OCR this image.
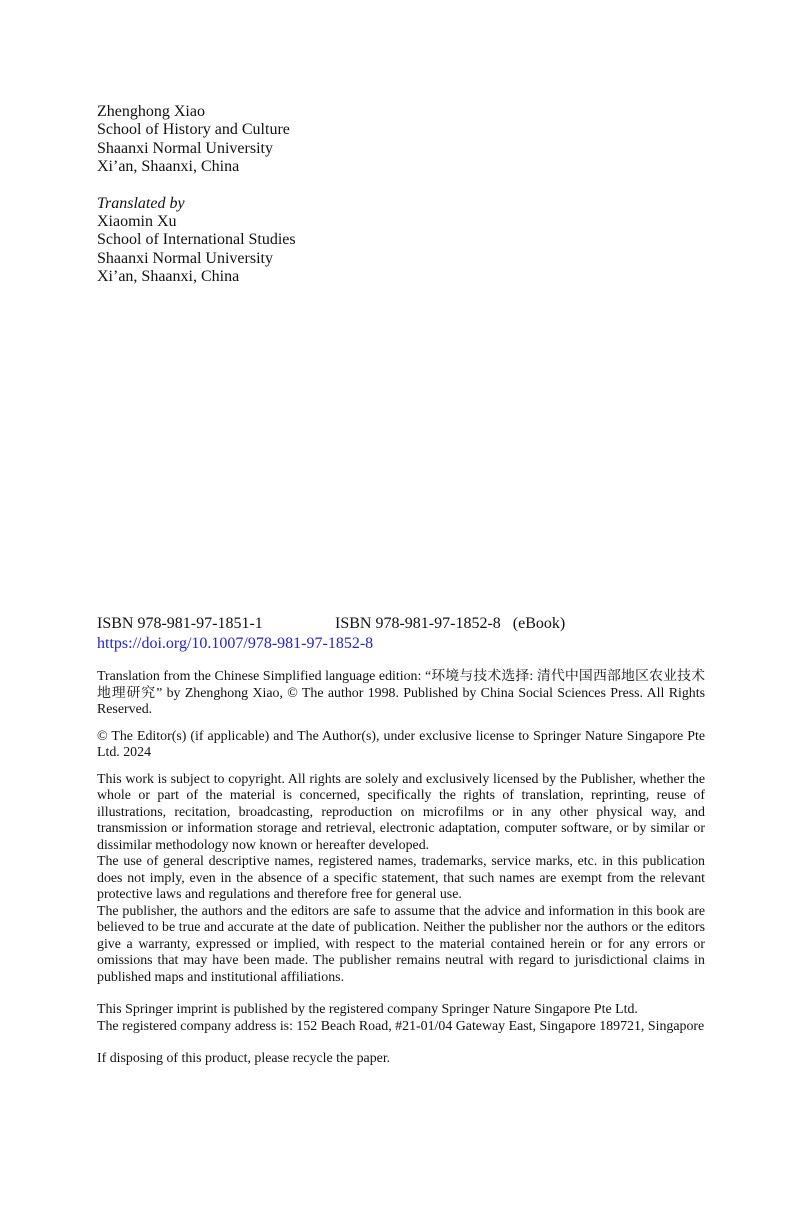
Zhenghong Xiao
School of History and Culture
Shaanxi Normal University
Xi’an, Shaanxi, China
Translated by
Xiaomin Xu
School of International Studies
Shaanxi Normal University
Xi’an, Shaanxi, China
ISBN 978-981-97-1851-1	ISBN 978-981-97-1852-8 (eBook)
https://doi.org/10.1007/978-981-97-1852-8

Translation from the Chinese Simplified language edition: “环境与技术选择: 清代中国西部地区农业技术地理研究” by Zhenghong Xiao, © The author 1998. Published by China Social Sciences Press. All Rights Reserved.

© The Editor(s) (if applicable) and The Author(s), under exclusive license to Springer Nature Singapore Pte Ltd. 2024

This work is subject to copyright. All rights are solely and exclusively licensed by the Publisher, whether the whole or part of the material is concerned, specifically the rights of translation, reprinting, reuse of illustrations, recitation, broadcasting, reproduction on microfilms or in any other physical way, and transmission or information storage and retrieval, electronic adaptation, computer software, or by similar or dissimilar methodology now known or hereafter developed.

The use of general descriptive names, registered names, trademarks, service marks, etc. in this publication does not imply, even in the absence of a specific statement, that such names are exempt from the relevant protective laws and regulations and therefore free for general use.

The publisher, the authors and the editors are safe to assume that the advice and information in this book are believed to be true and accurate at the date of publication. Neither the publisher nor the authors or the editors give a warranty, expressed or implied, with respect to the material contained herein or for any errors or omissions that may have been made. The publisher remains neutral with regard to jurisdictional claims in published maps and institutional affiliations.

This Springer imprint is published by the registered company Springer Nature Singapore Pte Ltd.

The registered company address is: 152 Beach Road, #21-01/04 Gateway East, Singapore 189721, Singapore

If disposing of this product, please recycle the paper.
